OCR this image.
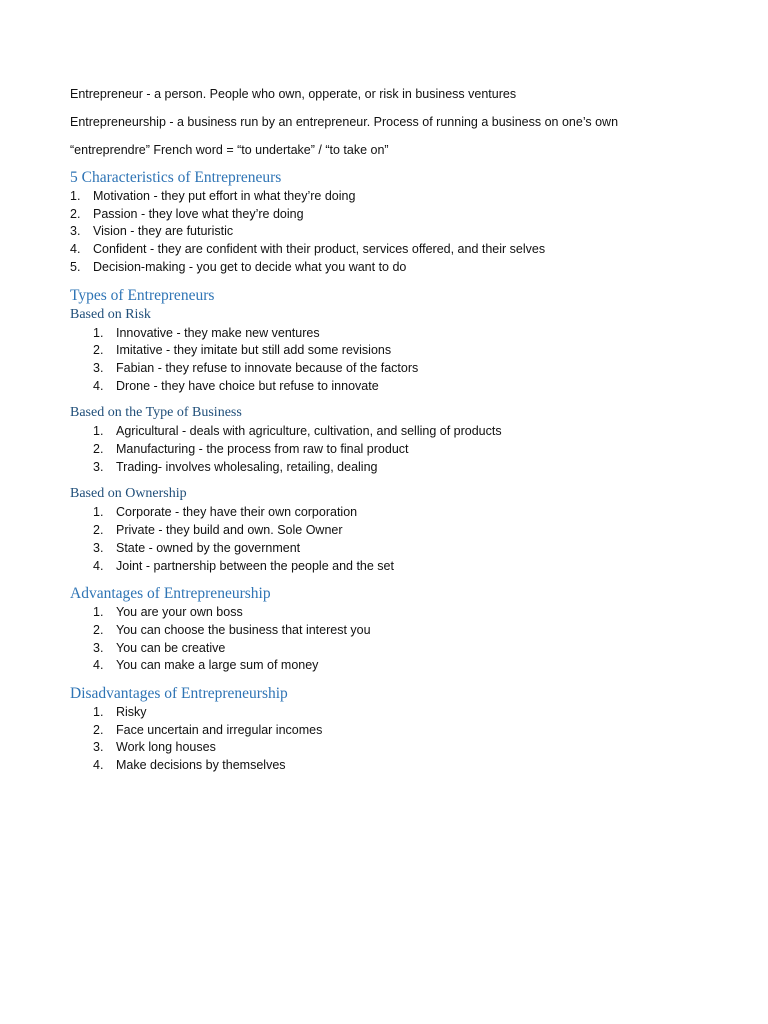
Entrepreneur - a person. People who own, opperate, or risk in business ventures

Entrepreneurship - a business run by an entrepreneur. Process of running a business on one’s own

“entreprendre” French word = “to undertake” / “to take on”

5 Characteristics of Entrepreneurs
1.	Motivation - they put effort in what they’re doing
2.	Passion - they love what they’re doing
3.	Vision - they are futuristic
4.	Confident - they are confident with their product, services offered, and their selves
5.	Decision-making - you get to decide what you want to do
Types of Entrepreneurs
Based on Risk
1.	Innovative - they make new ventures
2.	Imitative - they imitate but still add some revisions
3.	Fabian - they refuse to innovate because of the factors
4.	Drone - they have choice but refuse to innovate
Based on the Type of Business
1.	Agricultural - deals with agriculture, cultivation, and selling of products
2.	Manufacturing - the process from raw to final product
3.	Trading- involves wholesaling, retailing, dealing
Based on Ownership
1.	Corporate - they have their own corporation
2.	Private - they build and own. Sole Owner
3.	State - owned by the government
4.	Joint - partnership between the people and the set
Advantages of Entrepreneurship
1.	You are your own boss
2.	You can choose the business that interest you
3.	You can be creative
4.	You can make a large sum of money
Disadvantages of Entrepreneurship
1.	Risky
2.	Face uncertain and irregular incomes
3.	Work long houses
4.	Make decisions by themselves
